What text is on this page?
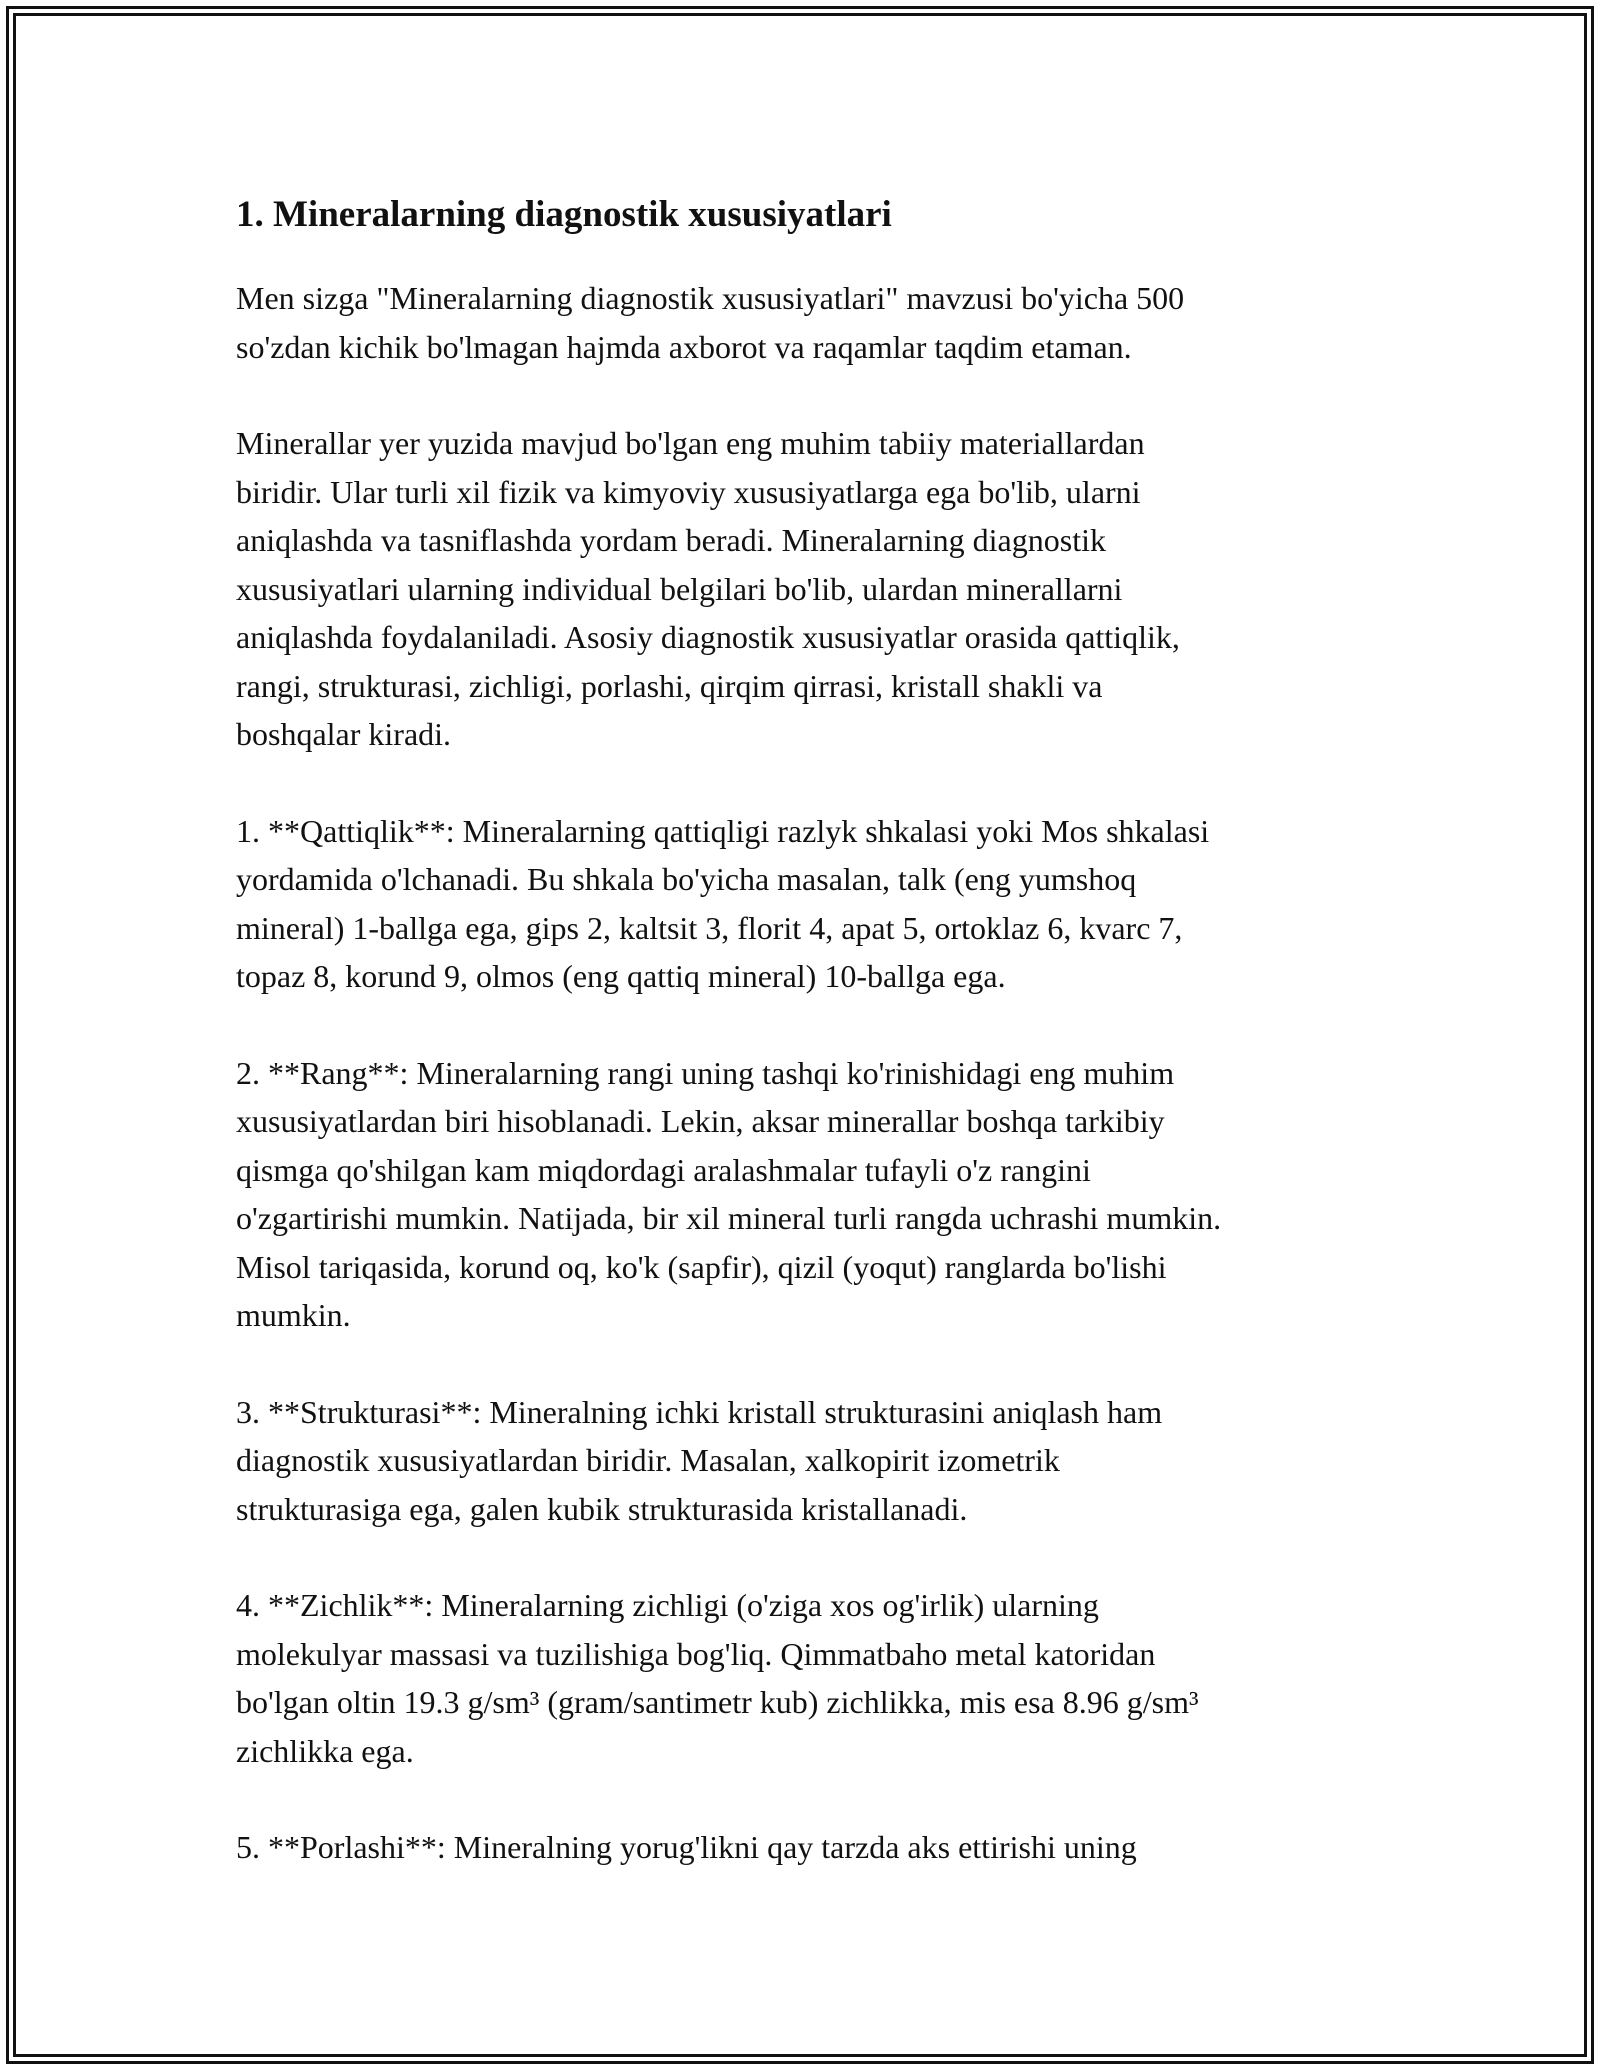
1. Mineralarning diagnostik xususiyatlari

Men sizga "Mineralarning diagnostik xususiyatlari" mavzusi bo'yicha 500
so'zdan kichik bo'lmagan hajmda axborot va raqamlar taqdim etaman.

Minerallar yer yuzida mavjud bo'lgan eng muhim tabiiy materiallardan
biridir. Ular turli xil fizik va kimyoviy xususiyatlarga ega bo'lib, ularni
aniqlashda va tasniflashda yordam beradi. Mineralarning diagnostik
xususiyatlari ularning individual belgilari bo'lib, ulardan minerallarni
aniqlashda foydalaniladi. Asosiy diagnostik xususiyatlar orasida qattiqlik,
rangi, strukturasi, zichligi, porlashi, qirqim qirrasi, kristall shakli va
boshqalar kiradi.

1. **Qattiqlik**: Mineralarning qattiqligi razlyk shkalasi yoki Mos shkalasi
yordamida o'lchanadi. Bu shkala bo'yicha masalan, talk (eng yumshoq
mineral) 1-ballga ega, gips 2, kaltsit 3, florit 4, apat 5, ortoklaz 6, kvarc 7,
topaz 8, korund 9, olmos (eng qattiq mineral) 10-ballga ega.

2. **Rang**: Mineralarning rangi uning tashqi ko'rinishidagi eng muhim
xususiyatlardan biri hisoblanadi. Lekin, aksar minerallar boshqa tarkibiy
qismga qo'shilgan kam miqdordagi aralashmalar tufayli o'z rangini
o'zgartirishi mumkin. Natijada, bir xil mineral turli rangda uchrashi mumkin.
Misol tariqasida, korund oq, ko'k (sapfir), qizil (yoqut) ranglarda bo'lishi
mumkin.

3. **Strukturasi**: Mineralning ichki kristall strukturasini aniqlash ham
diagnostik xususiyatlardan biridir. Masalan, xalkopirit izometrik
strukturasiga ega, galen kubik strukturasida kristallanadi.

4. **Zichlik**: Mineralarning zichligi (o'ziga xos og'irlik) ularning
molekulyar massasi va tuzilishiga bog'liq. Qimmatbaho metal katoridan
bo'lgan oltin 19.3 g/sm³ (gram/santimetr kub) zichlikka, mis esa 8.96 g/sm³
zichlikka ega.

5. **Porlashi**: Mineralning yorug'likni qay tarzda aks ettirishi uning
